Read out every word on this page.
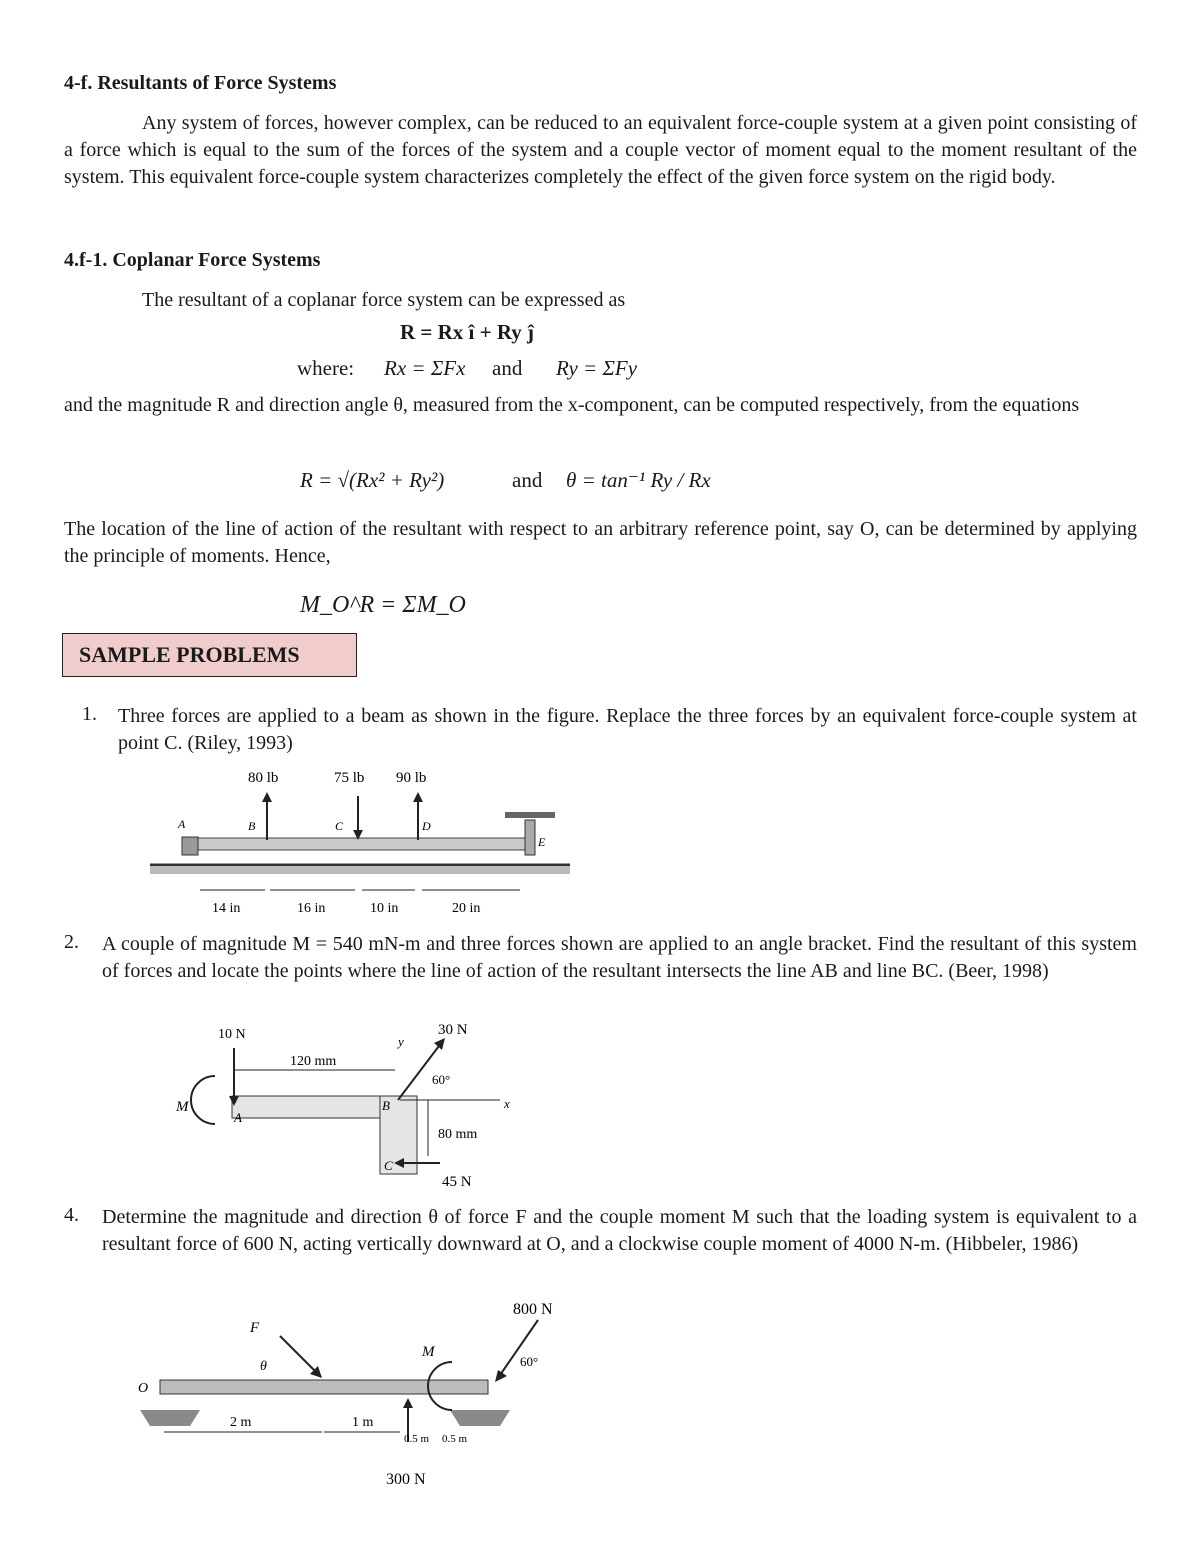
4-f. Resultants of Force Systems
Any system of forces, however complex, can be reduced to an equivalent force-couple system at a given point consisting of a force which is equal to the sum of the forces of the system and a couple vector of moment equal to the moment resultant of the system. This equivalent force-couple system characterizes completely the effect of the given force system on the rigid body.
4.f-1. Coplanar Force Systems
The resultant of a coplanar force system can be expressed as
R = Rx î + Ry ĵ
where: Rx = ΣFx and Ry = ΣFy
and the magnitude R and direction angle θ, measured from the x-component, can be computed respectively, from the equations
R = √(Rx² + Ry²)	and θ = tan⁻¹ Ry / Rx
The location of the line of action of the resultant with respect to an arbitrary reference point, say O, can be determined by applying the principle of moments. Hence,
M_O^R = ΣM_O
SAMPLE PROBLEMS
1. Three forces are applied to a beam as shown in the figure. Replace the three forces by an equivalent force-couple system at point C. (Riley, 1993)
80 lb	75 lb 90 lb
A	B	C	D
E
14 in	16 in	10 in	20 in
2. A couple of magnitude M = 540 mN-m and three forces shown are applied to an angle bracket. Find the resultant of this system of forces and locate the points where the line of action of the resultant intersects the line AB and line BC. (Beer, 1998)
10 N	30 N
45 N
120 mm
80 mm
60°
M
A
B
C
x
y
4. Determine the magnitude and direction θ of force F and the couple moment M such that the loading system is equivalent to a resultant force of 600 N, acting vertically downward at O, and a clockwise couple moment of 4000 N-m. (Hibbeler, 1986)
800 N
300 N
60°
O
F
θ
M
2 m	1 m
0.5 m 0.5 m
